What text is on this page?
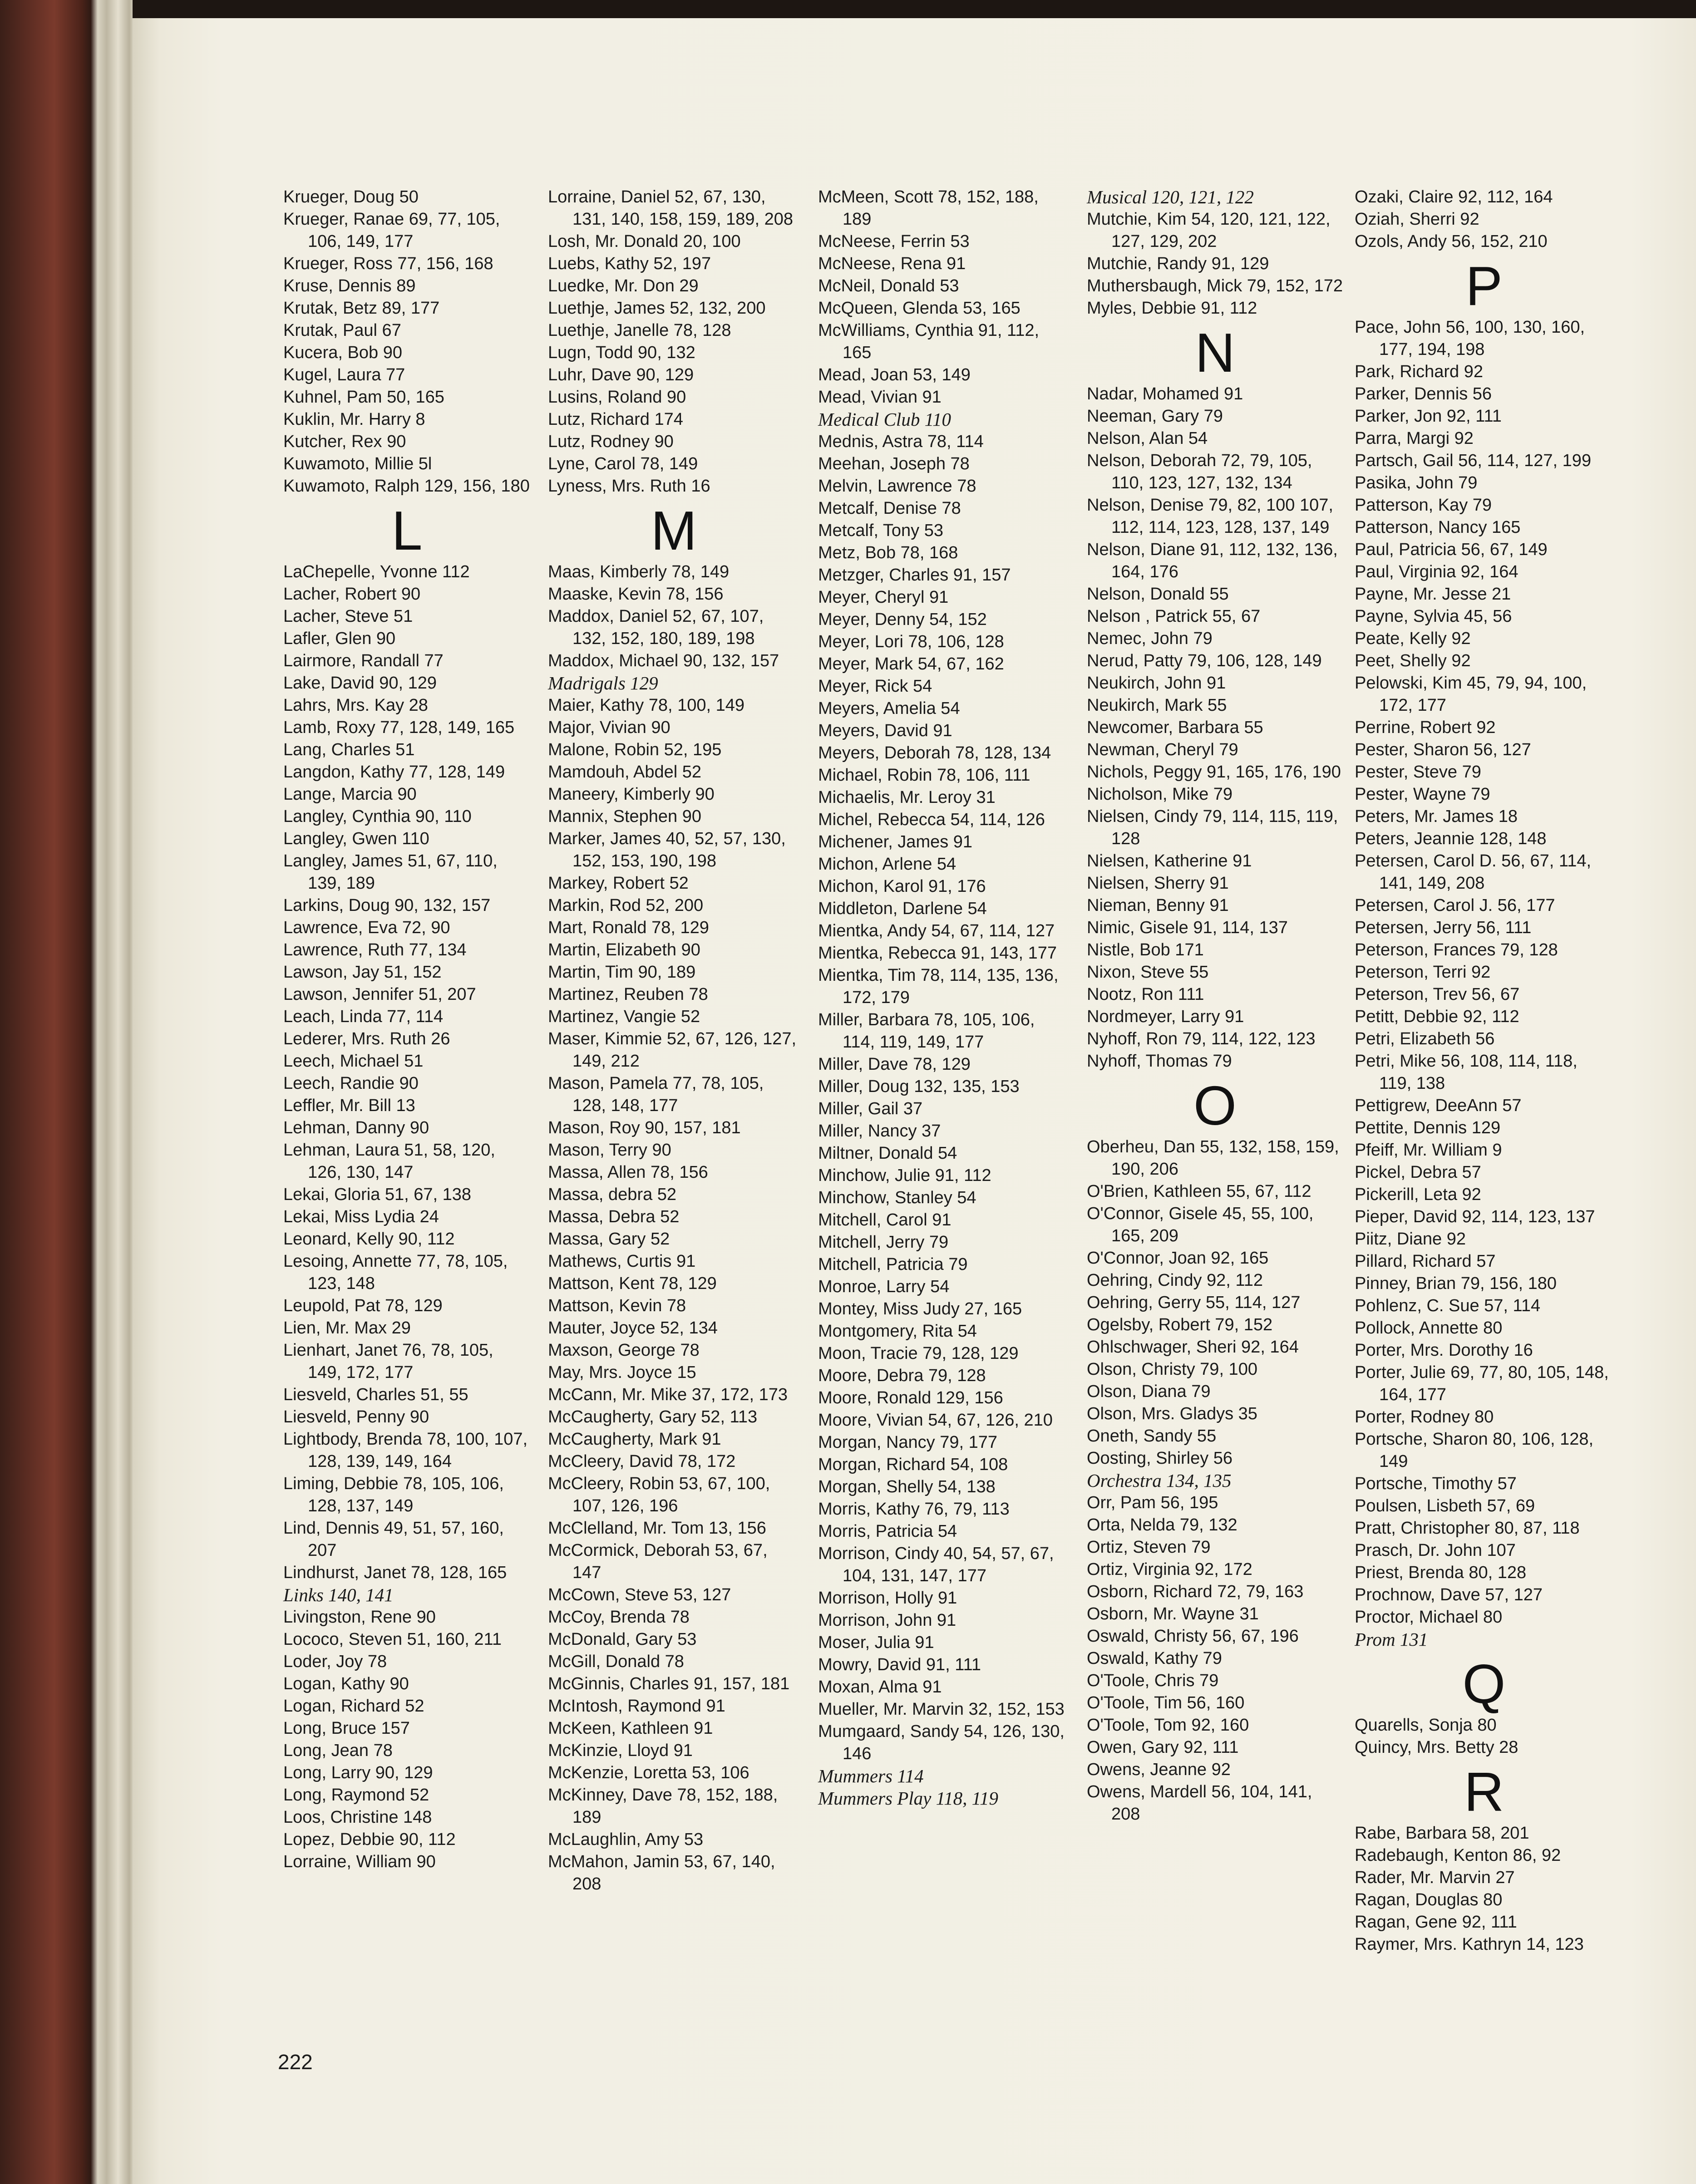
Krueger, Doug 50
Krueger, Ranae 69, 77, 105, 106, 149, 177
Krueger, Ross 77, 156, 168
Kruse, Dennis 89
Krutak, Betz 89, 177
Krutak, Paul 67
Kucera, Bob 90
Kugel, Laura 77
Kuhnel, Pam 50, 165
Kuklin, Mr. Harry 8
Kutcher, Rex 90
Kuwamoto, Millie 5l
Kuwamoto, Ralph 129, 156, 180
L
LaChepelle, Yvonne 112
Lacher, Robert 90
Lacher, Steve 51
Lafler, Glen 90
Lairmore, Randall 77
Lake, David 90, 129
Lahrs, Mrs. Kay 28
Lamb, Roxy 77, 128, 149, 165
Lang, Charles 51
Langdon, Kathy 77, 128, 149
Lange, Marcia 90
Langley, Cynthia 90, 110
Langley, Gwen 110
Langley, James 51, 67, 110, 139, 189
Larkins, Doug 90, 132, 157
Lawrence, Eva 72, 90
Lawrence, Ruth 77, 134
Lawson, Jay 51, 152
Lawson, Jennifer 51, 207
Leach, Linda 77, 114
Lederer, Mrs. Ruth 26
Leech, Michael 51
Leech, Randie 90
Leffler, Mr. Bill 13
Lehman, Danny 90
Lehman, Laura 51, 58, 120, 126, 130, 147
Lekai, Gloria 51, 67, 138
Lekai, Miss Lydia 24
Leonard, Kelly 90, 112
Lesoing, Annette 77, 78, 105, 123, 148
Leupold, Pat 78, 129
Lien, Mr. Max 29
Lienhart, Janet 76, 78, 105, 149, 172, 177
Liesveld, Charles 51, 55
Liesveld, Penny 90
Lightbody, Brenda 78, 100, 107, 128, 139, 149, 164
Liming, Debbie 78, 105, 106, 128, 137, 149
Lind, Dennis 49, 51, 57, 160, 207
Lindhurst, Janet 78, 128, 165
Links 140, 141
Livingston, Rene 90
Lococo, Steven 51, 160, 211
Loder, Joy 78
Logan, Kathy 90
Logan, Richard 52
Long, Bruce 157
Long, Jean 78
Long, Larry 90, 129
Long, Raymond 52
Loos, Christine 148
Lopez, Debbie 90, 112
Lorraine, William 90
Lorraine, Daniel 52, 67, 130, 131, 140, 158, 159, 189, 208
Losh, Mr. Donald 20, 100
Luebs, Kathy 52, 197
Luedke, Mr. Don 29
Luethje, James 52, 132, 200
Luethje, Janelle 78, 128
Lugn, Todd 90, 132
Luhr, Dave 90, 129
Lusins, Roland 90
Lutz, Richard 174
Lutz, Rodney 90
Lyne, Carol 78, 149
Lyness, Mrs. Ruth 16
M
Maas, Kimberly 78, 149
Maaske, Kevin 78, 156
Maddox, Daniel 52, 67, 107, 132, 152, 180, 189, 198
Maddox, Michael 90, 132, 157
Madrigals 129
Maier, Kathy 78, 100, 149
Major, Vivian 90
Malone, Robin 52, 195
Mamdouh, Abdel 52
Maneery, Kimberly 90
Mannix, Stephen 90
Marker, James 40, 52, 57, 130, 152, 153, 190, 198
Markey, Robert 52
Markin, Rod 52, 200
Mart, Ronald 78, 129
Martin, Elizabeth 90
Martin, Tim 90, 189
Martinez, Reuben 78
Martinez, Vangie 52
Maser, Kimmie 52, 67, 126, 127, 149, 212
Mason, Pamela 77, 78, 105, 128, 148, 177
Mason, Roy 90, 157, 181
Mason, Terry 90
Massa, Allen 78, 156
Massa, debra 52
Massa, Debra 52
Massa, Gary 52
Mathews, Curtis 91
Mattson, Kent 78, 129
Mattson, Kevin 78
Mauter, Joyce 52, 134
Maxson, George 78
May, Mrs. Joyce 15
McCann, Mr. Mike 37, 172, 173
McCaugherty, Gary 52, 113
McCaugherty, Mark 91
McCleery, David 78, 172
McCleery, Robin 53, 67, 100, 107, 126, 196
McClelland, Mr. Tom 13, 156
McCormick, Deborah 53, 67, 147
McCown, Steve 53, 127
McCoy, Brenda 78
McDonald, Gary 53
McGill, Donald 78
McGinnis, Charles 91, 157, 181
McIntosh, Raymond 91
McKeen, Kathleen 91
McKinzie, Lloyd 91
McKenzie, Loretta 53, 106
McKinney, Dave 78, 152, 188, 189
McLaughlin, Amy 53
McMahon, Jamin 53, 67, 140, 208
McMeen, Scott 78, 152, 188, 189
McNeese, Ferrin 53
McNeese, Rena 91
McNeil, Donald 53
McQueen, Glenda 53, 165
McWilliams, Cynthia 91, 112, 165
Mead, Joan 53, 149
Mead, Vivian 91
Medical Club 110
Mednis, Astra 78, 114
Meehan, Joseph 78
Melvin, Lawrence 78
Metcalf, Denise 78
Metcalf, Tony 53
Metz, Bob 78, 168
Metzger, Charles 91, 157
Meyer, Cheryl 91
Meyer, Denny 54, 152
Meyer, Lori 78, 106, 128
Meyer, Mark 54, 67, 162
Meyer, Rick 54
Meyers, Amelia 54
Meyers, David 91
Meyers, Deborah 78, 128, 134
Michael, Robin 78, 106, 111
Michaelis, Mr. Leroy 31
Michel, Rebecca 54, 114, 126
Michener, James 91
Michon, Arlene 54
Michon, Karol 91, 176
Middleton, Darlene 54
Mientka, Andy 54, 67, 114, 127
Mientka, Rebecca 91, 143, 177
Mientka, Tim 78, 114, 135, 136, 172, 179
Miller, Barbara 78, 105, 106, 114, 119, 149, 177
Miller, Dave 78, 129
Miller, Doug 132, 135, 153
Miller, Gail 37
Miller, Nancy 37
Miltner, Donald 54
Minchow, Julie 91, 112
Minchow, Stanley 54
Mitchell, Carol 91
Mitchell, Jerry 79
Mitchell, Patricia 79
Monroe, Larry 54
Montey, Miss Judy 27, 165
Montgomery, Rita 54
Moon, Tracie 79, 128, 129
Moore, Debra 79, 128
Moore, Ronald 129, 156
Moore, Vivian 54, 67, 126, 210
Morgan, Nancy 79, 177
Morgan, Richard 54, 108
Morgan, Shelly 54, 138
Morris, Kathy 76, 79, 113
Morris, Patricia 54
Morrison, Cindy 40, 54, 57, 67, 104, 131, 147, 177
Morrison, Holly 91
Morrison, John 91
Moser, Julia 91
Mowry, David 91, 111
Moxan, Alma 91
Mueller, Mr. Marvin 32, 152, 153
Mumgaard, Sandy 54, 126, 130, 146
Mummers 114
Mummers Play 118, 119
Musical 120, 121, 122
Mutchie, Kim 54, 120, 121, 122, 127, 129, 202
Mutchie, Randy 91, 129
Muthersbaugh, Mick 79, 152, 172
Myles, Debbie 91, 112
N
Nadar, Mohamed 91
Neeman, Gary 79
Nelson, Alan 54
Nelson, Deborah 72, 79, 105, 110, 123, 127, 132, 134
Nelson, Denise 79, 82, 100 107, 112, 114, 123, 128, 137, 149
Nelson, Diane 91, 112, 132, 136, 164, 176
Nelson, Donald 55
Nelson , Patrick 55, 67
Nemec, John 79
Nerud, Patty 79, 106, 128, 149
Neukirch, John 91
Neukirch, Mark 55
Newcomer, Barbara 55
Newman, Cheryl 79
Nichols, Peggy 91, 165, 176, 190
Nicholson, Mike 79
Nielsen, Cindy 79, 114, 115, 119, 128
Nielsen, Katherine 91
Nielsen, Sherry 91
Nieman, Benny 91
Nimic, Gisele 91, 114, 137
Nistle, Bob 171
Nixon, Steve 55
Nootz, Ron 111
Nordmeyer, Larry 91
Nyhoff, Ron 79, 114, 122, 123
Nyhoff, Thomas 79
O
Oberheu, Dan 55, 132, 158, 159, 190, 206
O'Brien, Kathleen 55, 67, 112
O'Connor, Gisele 45, 55, 100, 165, 209
O'Connor, Joan 92, 165
Oehring, Cindy 92, 112
Oehring, Gerry 55, 114, 127
Ogelsby, Robert 79, 152
Ohlschwager, Sheri 92, 164
Olson, Christy 79, 100
Olson, Diana 79
Olson, Mrs. Gladys 35
Oneth, Sandy 55
Oosting, Shirley 56
Orchestra 134, 135
Orr, Pam 56, 195
Orta, Nelda 79, 132
Ortiz, Steven 79
Ortiz, Virginia 92, 172
Osborn, Richard 72, 79, 163
Osborn, Mr. Wayne 31
Oswald, Christy 56, 67, 196
Oswald, Kathy 79
O'Toole, Chris 79
O'Toole, Tim 56, 160
O'Toole, Tom 92, 160
Owen, Gary 92, 111
Owens, Jeanne 92
Owens, Mardell 56, 104, 141, 208
Ozaki, Claire 92, 112, 164
Oziah, Sherri 92
Ozols, Andy 56, 152, 210
P
Pace, John 56, 100, 130, 160, 177, 194, 198
Park, Richard 92
Parker, Dennis 56
Parker, Jon 92, 111
Parra, Margi 92
Partsch, Gail 56, 114, 127, 199
Pasika, John 79
Patterson, Kay 79
Patterson, Nancy 165
Paul, Patricia 56, 67, 149
Paul, Virginia 92, 164
Payne, Mr. Jesse 21
Payne, Sylvia 45, 56
Peate, Kelly 92
Peet, Shelly 92
Pelowski, Kim 45, 79, 94, 100, 172, 177
Perrine, Robert 92
Pester, Sharon 56, 127
Pester, Steve 79
Pester, Wayne 79
Peters, Mr. James 18
Peters, Jeannie 128, 148
Petersen, Carol D. 56, 67, 114, 141, 149, 208
Petersen, Carol J. 56, 177
Petersen, Jerry 56, 111
Peterson, Frances 79, 128
Peterson, Terri 92
Peterson, Trev 56, 67
Petitt, Debbie 92, 112
Petri, Elizabeth 56
Petri, Mike 56, 108, 114, 118, 119, 138
Pettigrew, DeeAnn 57
Pettite, Dennis 129
Pfeiff, Mr. William 9
Pickel, Debra 57
Pickerill, Leta 92
Pieper, David 92, 114, 123, 137
Piitz, Diane 92
Pillard, Richard 57
Pinney, Brian 79, 156, 180
Pohlenz, C. Sue 57, 114
Pollock, Annette 80
Porter, Mrs. Dorothy 16
Porter, Julie 69, 77, 80, 105, 148, 164, 177
Porter, Rodney 80
Portsche, Sharon 80, 106, 128, 149
Portsche, Timothy 57
Poulsen, Lisbeth 57, 69
Pratt, Christopher 80, 87, 118
Prasch, Dr. John 107
Priest, Brenda 80, 128
Prochnow, Dave 57, 127
Proctor, Michael 80
Prom 131
Q
Quarells, Sonja 80
Quincy, Mrs. Betty 28
R
Rabe, Barbara 58, 201
Radebaugh, Kenton 86, 92
Rader, Mr. Marvin 27
Ragan, Douglas 80
Ragan, Gene 92, 111
Raymer, Mrs. Kathryn 14, 123
222
